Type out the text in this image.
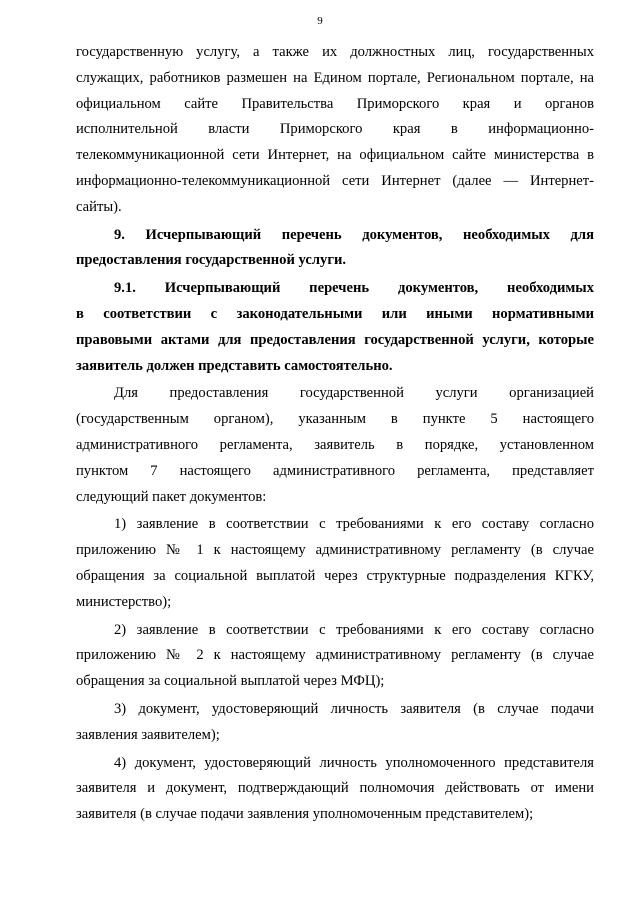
9
государственную услугу, а также их должностных лиц, государственных
служащих, работников размешен на Едином портале, Региональном портале, на
официальном сайте Правительства Приморского края и органов
исполнительной власти Приморского края в информационно-
телекоммуникационной сети Интернет, на официальном сайте министерства в
информационно-телекоммуникационной сети Интернет (далее — Интернет-
сайты).
9. Исчерпывающий перечень документов, необходимых для
предоставления государственной услуги.
9.1. Исчерпывающий перечень документов, необходимых
в соответствии с законодательными или иными нормативными
правовыми актами для предоставления государственной услуги, которые
заявитель должен представить самостоятельно.
Для предоставления государственной услуги организацией
(государственным органом), указанным в пункте 5 настоящего
административного регламента, заявитель в порядке, установленном
пунктом 7 настоящего административного регламента, представляет
следующий пакет документов:
1) заявление в соответствии с требованиями к его составу согласно
приложению № 1 к настоящему административному регламенту (в случае
обращения за социальной выплатой через структурные подразделения КГКУ,
министерство);
2) заявление в соответствии с требованиями к его составу согласно
приложению № 2 к настоящему административному регламенту (в случае
обращения за социальной выплатой через МФЦ);
3) документ, удостоверяющий личность заявителя (в случае подачи
заявления заявителем);
4) документ, удостоверяющий личность уполномоченного представителя
заявителя и документ, подтверждающий полномочия действовать от имени
заявителя (в случае подачи заявления уполномоченным представителем);
